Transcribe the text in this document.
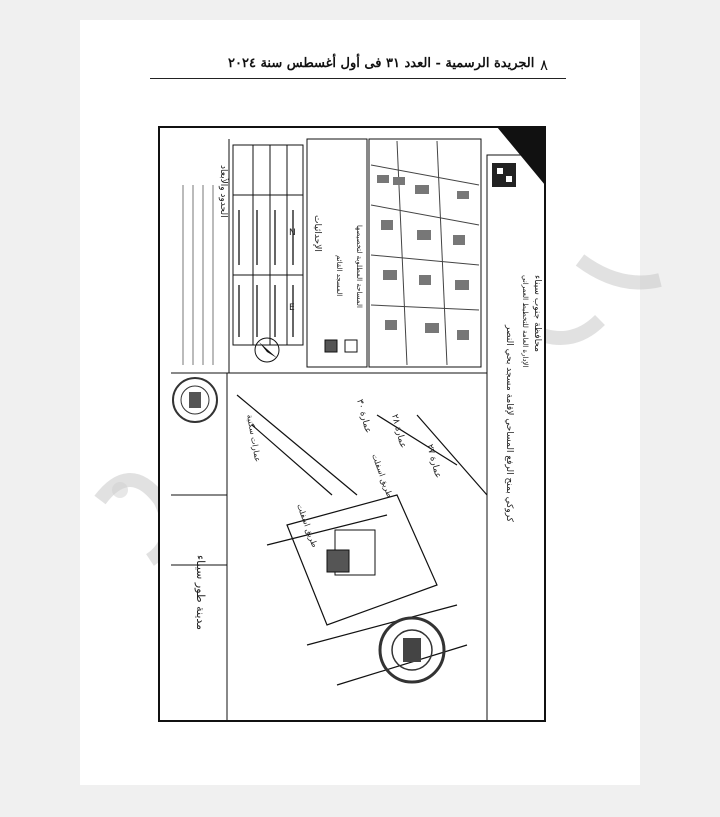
٨
الجريدة الرسمية - العدد ٣١ فى أول أغسطس سنة ٢٠٢٤
محافظة جنوب سيناء
الإدارة العامة للتخطيط العمراني
كروكي بمنح الرفع المساحي لإقامة مسجد بحي النصر
المساحة المطلوبة لتخصيصها
المسجد القائم
الإحداثيات
N
E
الحدود والأبعاد
طريق اسفلت
طريق اسفلت
عمارة ٣٠ عمارة ٢٨ عمارة ٢٧
عمارات سكنية
مدينة طور سيناء
